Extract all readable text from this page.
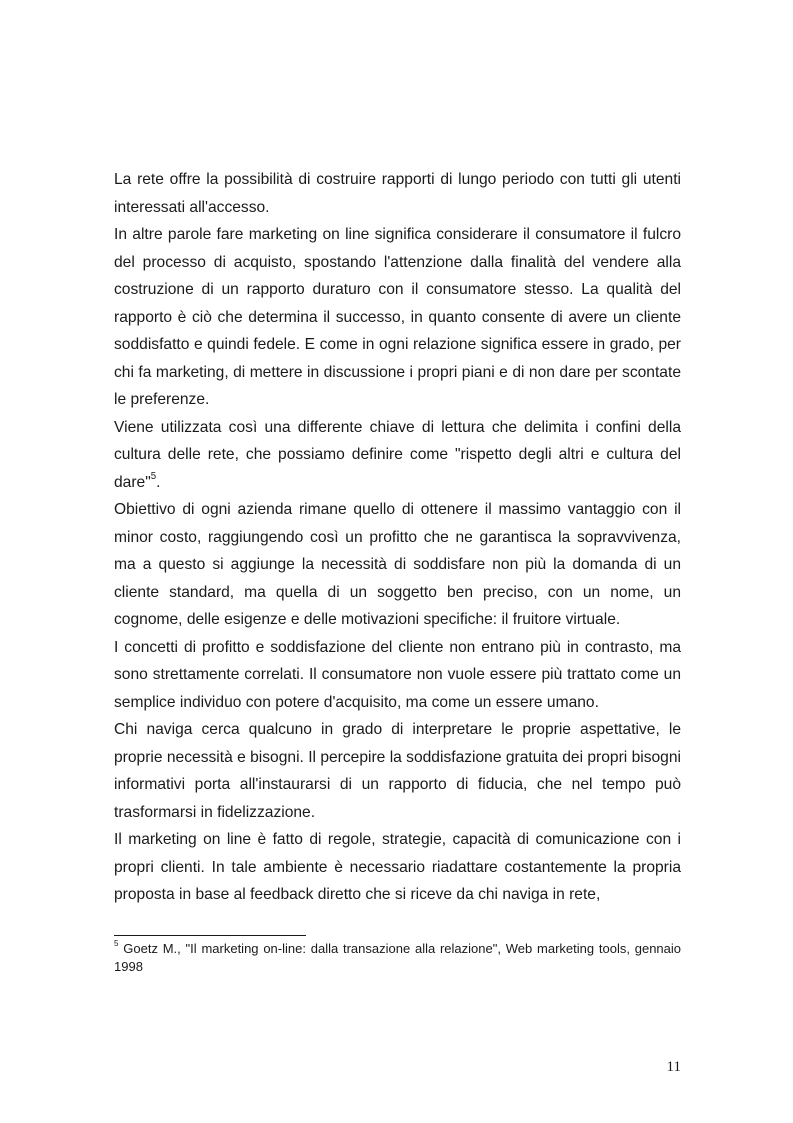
La rete offre la possibilità di costruire rapporti di lungo periodo con tutti gli utenti interessati all'accesso.

In altre parole fare marketing on line significa considerare il consumatore il fulcro del processo di acquisto, spostando l'attenzione dalla finalità del vendere alla costruzione di un rapporto duraturo con il consumatore stesso. La qualità del rapporto è ciò che determina il successo, in quanto consente di avere un cliente soddisfatto e quindi fedele. E come in ogni relazione significa essere in grado, per chi fa marketing, di mettere in discussione i propri piani e di non dare per scontate le preferenze.

Viene utilizzata così una differente chiave di lettura che delimita i confini della cultura delle rete, che possiamo definire come "rispetto degli altri e cultura del dare"$^5$.

Obiettivo di ogni azienda rimane quello di ottenere il massimo vantaggio con il minor costo, raggiungendo così un profitto che ne garantisca la sopravvivenza, ma a questo si aggiunge la necessità di soddisfare non più la domanda di un cliente standard, ma quella di un soggetto ben preciso, con un nome, un cognome, delle esigenze e delle motivazioni specifiche: il fruitore virtuale.

I concetti di profitto e soddisfazione del cliente non entrano più in contrasto, ma sono strettamente correlati. Il consumatore non vuole essere più trattato come un semplice individuo con potere d'acquisito, ma come un essere umano.

Chi naviga cerca qualcuno in grado di interpretare le proprie aspettative, le proprie necessità e bisogni. Il percepire la soddisfazione gratuita dei propri bisogni informativi porta all'instaurarsi di un rapporto di fiducia, che nel tempo può trasformarsi in fidelizzazione.

Il marketing on line è fatto di regole, strategie, capacità di comunicazione con i propri clienti. In tale ambiente è necessario riadattare costantemente la propria proposta in base al feedback diretto che si riceve da chi naviga in rete,

$^5$ Goetz M., "Il marketing on-line: dalla transazione alla relazione", Web marketing tools, gennaio 1998
11
